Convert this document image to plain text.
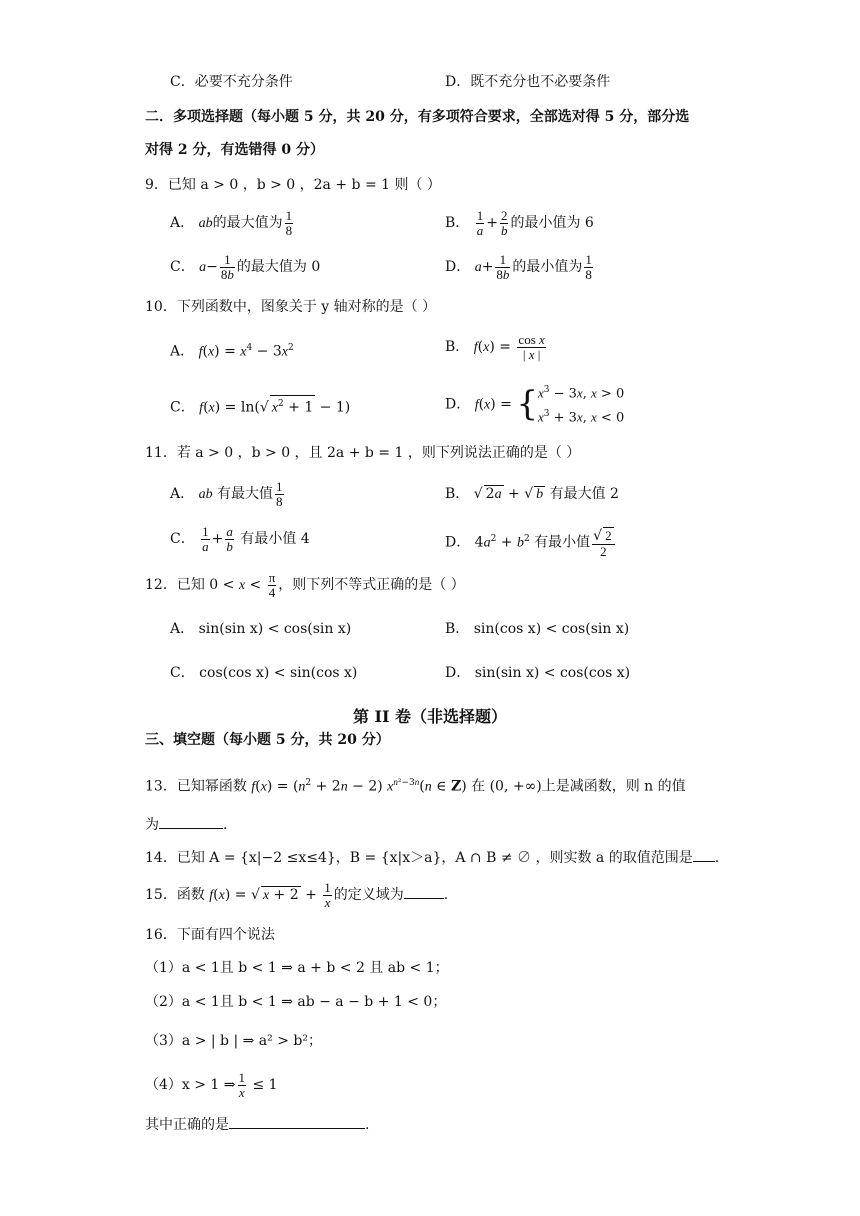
C．必要不充分条件	D．既不充分也不必要条件
二．多项选择题（每小题 5 分，共 20 分，有多项符合要求，全部选对得 5 分，部分选
对得 2 分，有选错得 0 分）
9．已知 a > 0 ，b > 0 ，2a + b = 1 则（ ）
A． ab的最大值为 $\frac{1}{8}$	B． $\frac{1}{a} + \frac{2}{b}$ 的最小值为 6
C． $a- \frac{1}{8b}$ 的最大值为 0	D． $a+ \frac{1}{8b}$ 的最小值为 $\frac{1}{8}$
10．下列函数中，图象关于 y 轴对称的是（ ）
A． $f(x) = x^4 - 3x^2$	B． $f(x) = \frac{\text{cos x}}{| x |}$
C． f(x) = ln(√ $x^2 + 1 - 1$)	D． f(x) = { $x^3 - 3x$, x > 0
$x^3 + 3x$, x < 0
11．若 a > 0 ，b > 0 ，且 2a + b = 1 ，则下列说法正确的是（ ）
A． ab 有最大值 $\frac{1}{8}$	B． √ 2a + √ b 有最大值 2
C． $\frac{1}{a} + \frac{a}{b}$ 有最小值 4	D． $4a^2 + b^2$ 有最小值 $\frac{√ 2}{2}$
12．已知 $0 < x < \frac{\pi}{4}$ ，则下列不等式正确的是（ ）
A． sin(sin x) < cos(sin x)	B． sin(cos x) < cos(sin x)
C． cos(cos x) < sin(cos x)	D． sin(sin x) < cos(cos x)
第 II 卷（非选择题）
三、填空题（每小题 5 分，共 20 分）
13．已知幂函数 $f(x) = (n^2 + 2n - 2)$ $x^{n^2-3n}(n$ ∈ Z) 在 (0, +∞)上是减函数，则 n 的值
为	.
14．已知 A = {x|−2 ≤x≤4}，B = {x|x＞a}，A ∩ B ≠ ∅ ，则实数 a 的取值范围是 .
15．函数 f(x) = √ $x + 2 + \frac{1}{x}$ 的定义域为	.
16．下面有四个说法
（1）a < 1且 b < 1 ⇒ a + b < 2 且 ab < 1；
（2）a < 1且 b < 1 ⇒ ab − a − b + 1 < 0；
（3）a > | b | ⇒ a² > b²；
（4）x > 1 ⇒ $\frac{1}{x} \le 1$
其中正确的是	.
